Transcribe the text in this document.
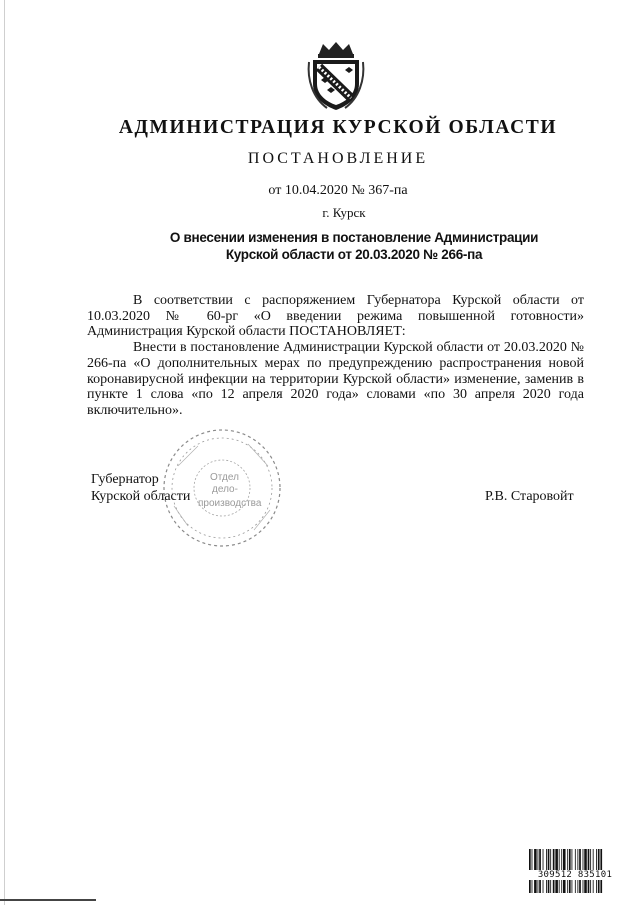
АДМИНИСТРАЦИЯ КУРСКОЙ ОБЛАСТИ
ПОСТАНОВЛЕНИЕ
от 10.04.2020 № 367-па
г. Курск
О внесении изменения в постановление Администрации
Курской области от 20.03.2020 № 266-па

В соответствии с распоряжением Губернатора Курской области от 10.03.2020 № 60-рг «О введении режима повышенной готовности» Администрация Курской области ПОСТАНОВЛЯЕТ:

Внести в постановление Администрации Курской области от 20.03.2020 № 266-па «О дополнительных мерах по предупреждению распространения новой коронавирусной инфекции на территории Курской области» изменение, заменив в пункте 1 слова «по 12 апреля 2020 года» словами «по 30 апреля 2020 года включительно».

Отдел
дело-
производства
Губернатор
Курской области	Р.В. Старовойт
309512 835101
